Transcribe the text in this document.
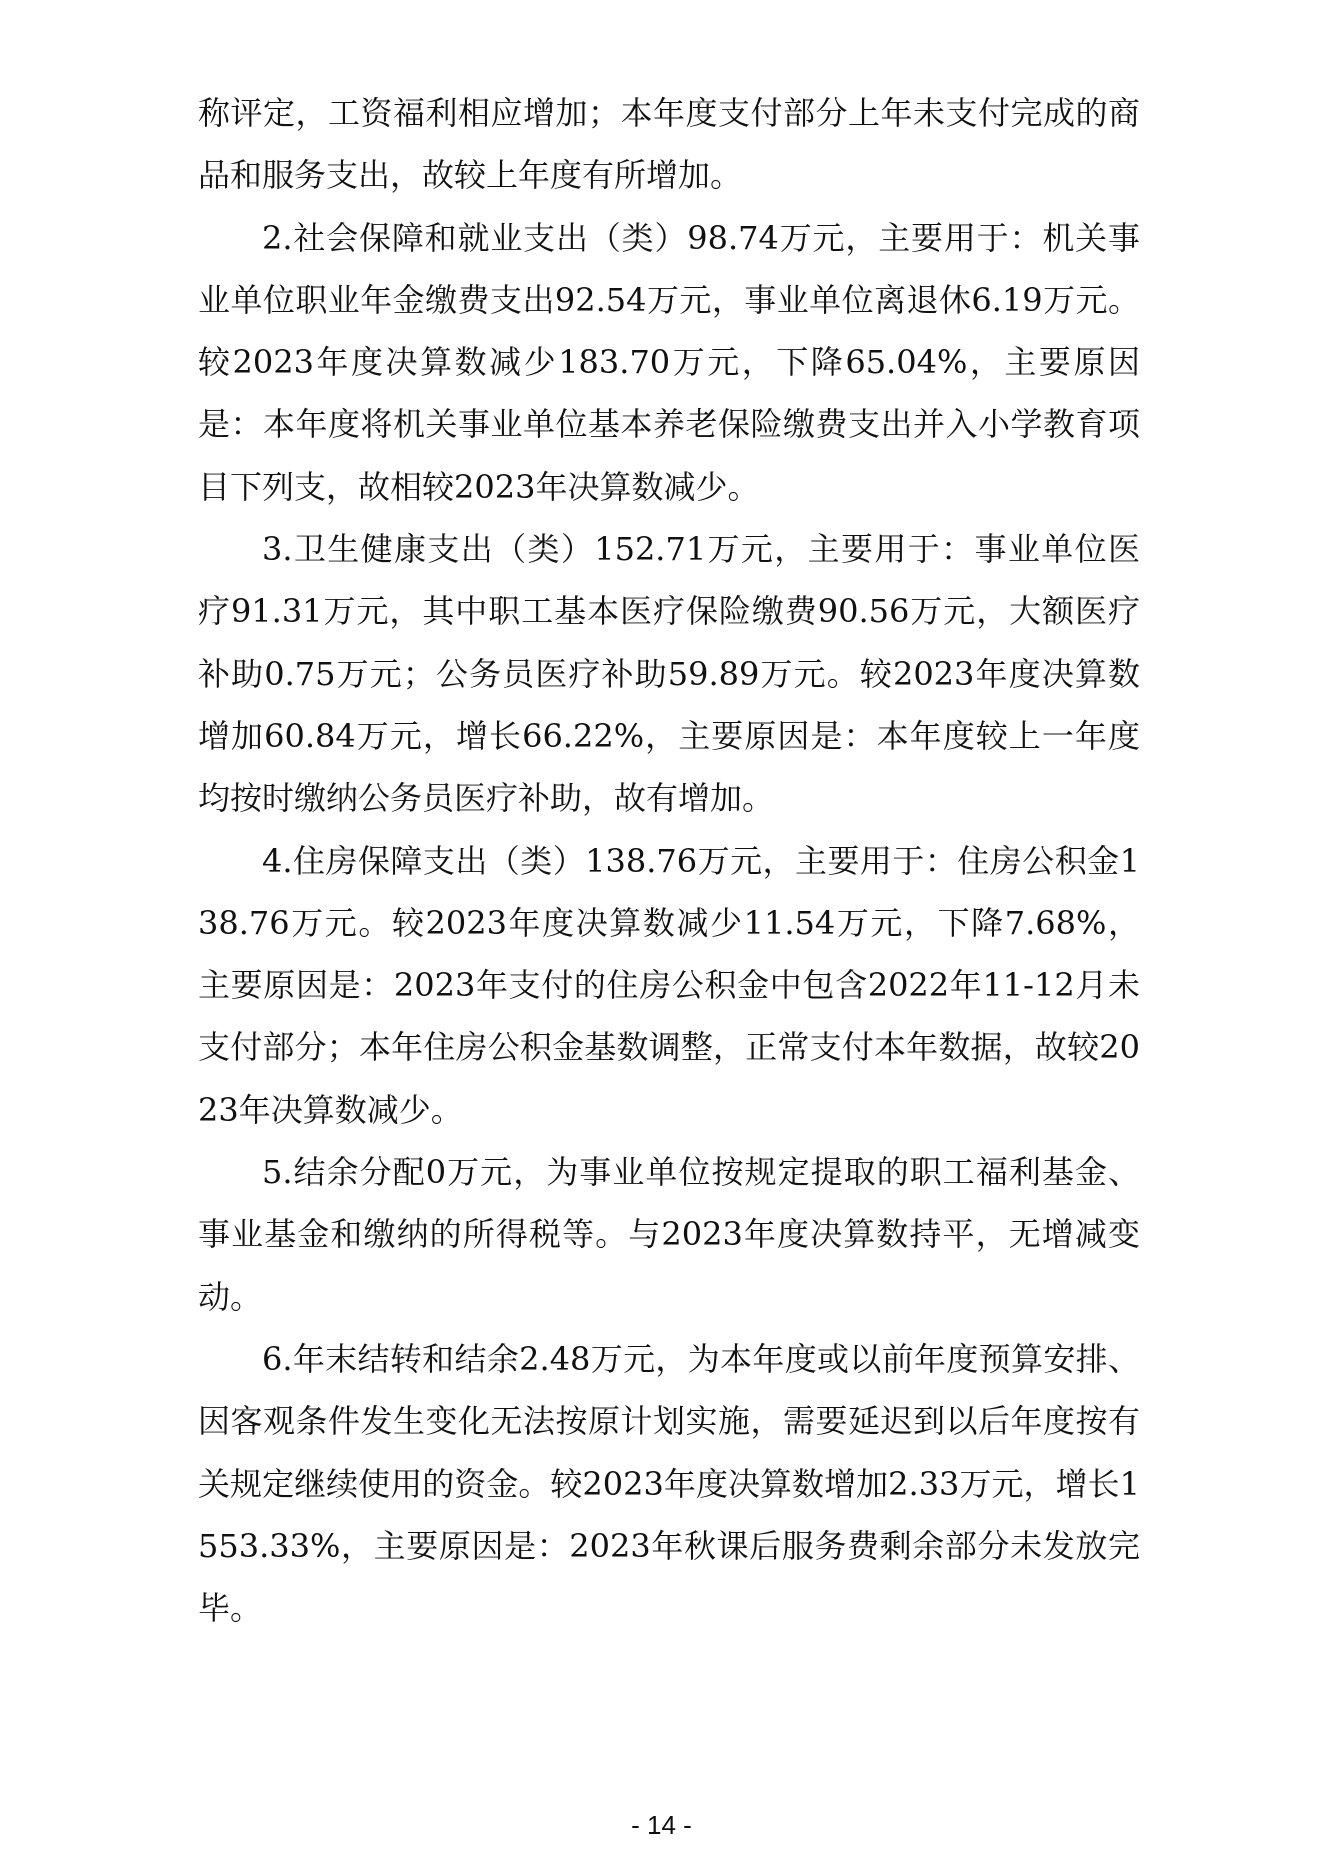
称评定，工资福利相应增加；本年度支付部分上年未支付完成的商品和服务支出，故较上年度有所增加。

2.社会保障和就业支出（类）98.74万元，主要用于：机关事业单位职业年金缴费支出92.54万元，事业单位离退休6.19万元。较2023年度决算数减少183.70万元，下降65.04%，主要原因是：本年度将机关事业单位基本养老保险缴费支出并入小学教育项目下列支，故相较2023年决算数减少。

3.卫生健康支出（类）152.71万元，主要用于：事业单位医疗91.31万元，其中职工基本医疗保险缴费90.56万元，大额医疗补助0.75万元；公务员医疗补助59.89万元。较2023年度决算数增加60.84万元，增长66.22%，主要原因是：本年度较上一年度均按时缴纳公务员医疗补助，故有增加。

4.住房保障支出（类）138.76万元，主要用于：住房公积金138.76万元。较2023年度决算数减少11.54万元，下降7.68%，主要原因是：2023年支付的住房公积金中包含2022年11-12月未支付部分；本年住房公积金基数调整，正常支付本年数据，故较2023年决算数减少。

5.结余分配0万元，为事业单位按规定提取的职工福利基金、事业基金和缴纳的所得税等。与2023年度决算数持平，无增减变动。

6.年末结转和结余2.48万元，为本年度或以前年度预算安排、因客观条件发生变化无法按原计划实施，需要延迟到以后年度按有关规定继续使用的资金。较2023年度决算数增加2.33万元，增长1553.33%，主要原因是：2023年秋课后服务费剩余部分未发放完毕。

- 14 -
